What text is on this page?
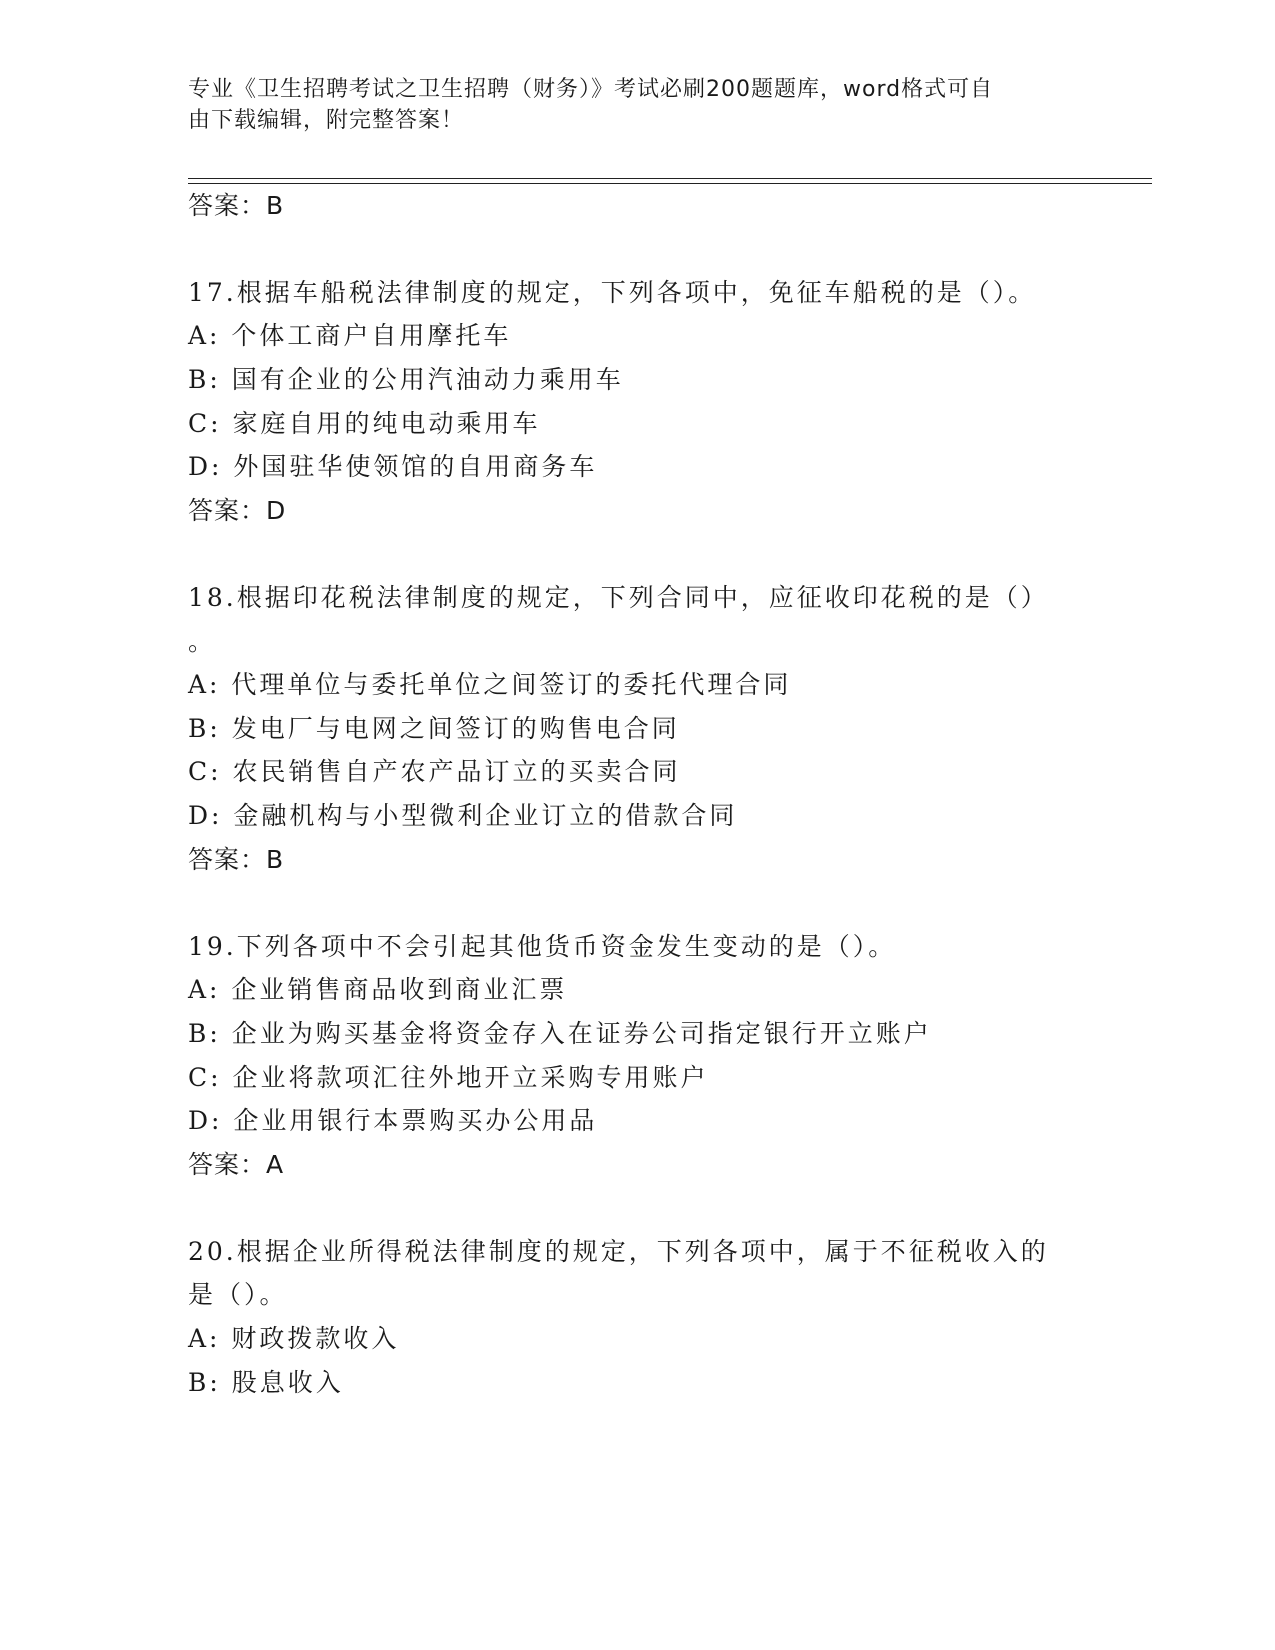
专业《卫生招聘考试之卫生招聘（财务）》考试必刷200题题库，word格式可自
由下载编辑，附完整答案！
答案：B
17.根据车船税法律制度的规定，下列各项中，免征车船税的是（）。
A: 个体工商户自用摩托车
B: 国有企业的公用汽油动力乘用车
C: 家庭自用的纯电动乘用车
D: 外国驻华使领馆的自用商务车
答案：D
18.根据印花税法律制度的规定，下列合同中，应征收印花税的是（）
。
A: 代理单位与委托单位之间签订的委托代理合同
B: 发电厂与电网之间签订的购售电合同
C: 农民销售自产农产品订立的买卖合同
D: 金融机构与小型微利企业订立的借款合同
答案：B
19.下列各项中不会引起其他货币资金发生变动的是（）。
A: 企业销售商品收到商业汇票
B: 企业为购买基金将资金存入在证券公司指定银行开立账户
C: 企业将款项汇往外地开立采购专用账户
D: 企业用银行本票购买办公用品
答案：A
20.根据企业所得税法律制度的规定，下列各项中，属于不征税收入的
是（）。
A: 财政拨款收入
B: 股息收入
